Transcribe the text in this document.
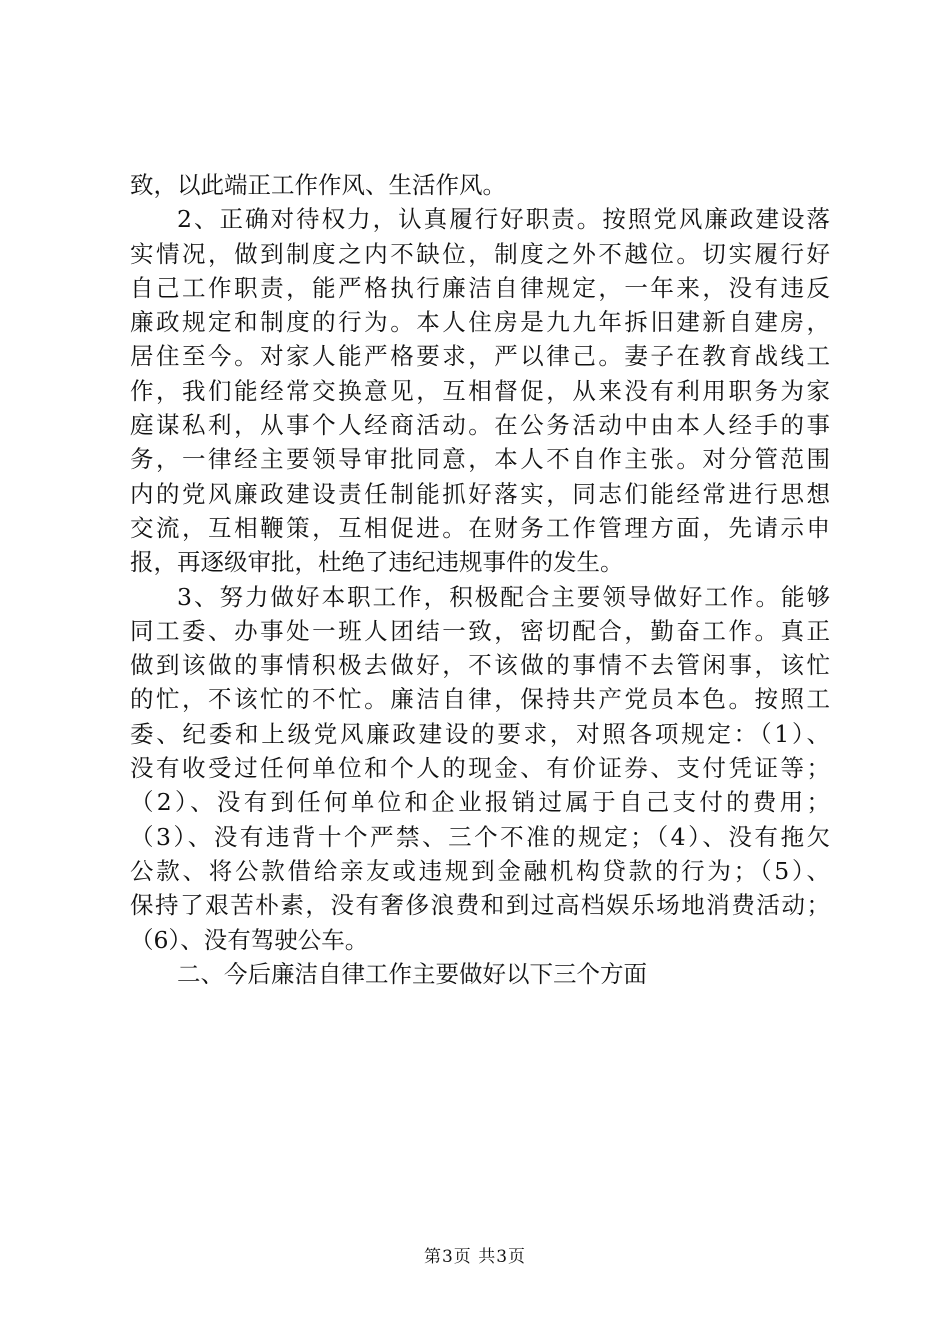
致，以此端正工作作风、生活作风。
2、正确对待权力，认真履行好职责。按照党风廉政建设落
实情况，做到制度之内不缺位，制度之外不越位。切实履行好
自己工作职责，能严格执行廉洁自律规定，一年来，没有违反
廉政规定和制度的行为。本人住房是九九年拆旧建新自建房，
居住至今。对家人能严格要求，严以律己。妻子在教育战线工
作，我们能经常交换意见，互相督促，从来没有利用职务为家
庭谋私利，从事个人经商活动。在公务活动中由本人经手的事
务，一律经主要领导审批同意，本人不自作主张。对分管范围
内的党风廉政建设责任制能抓好落实，同志们能经常进行思想
交流，互相鞭策，互相促进。在财务工作管理方面，先请示申
报，再逐级审批，杜绝了违纪违规事件的发生。
3、努力做好本职工作，积极配合主要领导做好工作。能够
同工委、办事处一班人团结一致，密切配合，勤奋工作。真正
做到该做的事情积极去做好，不该做的事情不去管闲事，该忙
的忙，不该忙的不忙。廉洁自律，保持共产党员本色。按照工
委、纪委和上级党风廉政建设的要求，对照各项规定：（1）、
没有收受过任何单位和个人的现金、有价证券、支付凭证等；
（2）、没有到任何单位和企业报销过属于自己支付的费用；
（3）、没有违背十个严禁、三个不准的规定；（4）、没有拖欠
公款、将公款借给亲友或违规到金融机构贷款的行为；（5）、
保持了艰苦朴素，没有奢侈浪费和到过高档娱乐场地消费活动；
（6）、没有驾驶公车。
二、今后廉洁自律工作主要做好以下三个方面
第3页 共3页
